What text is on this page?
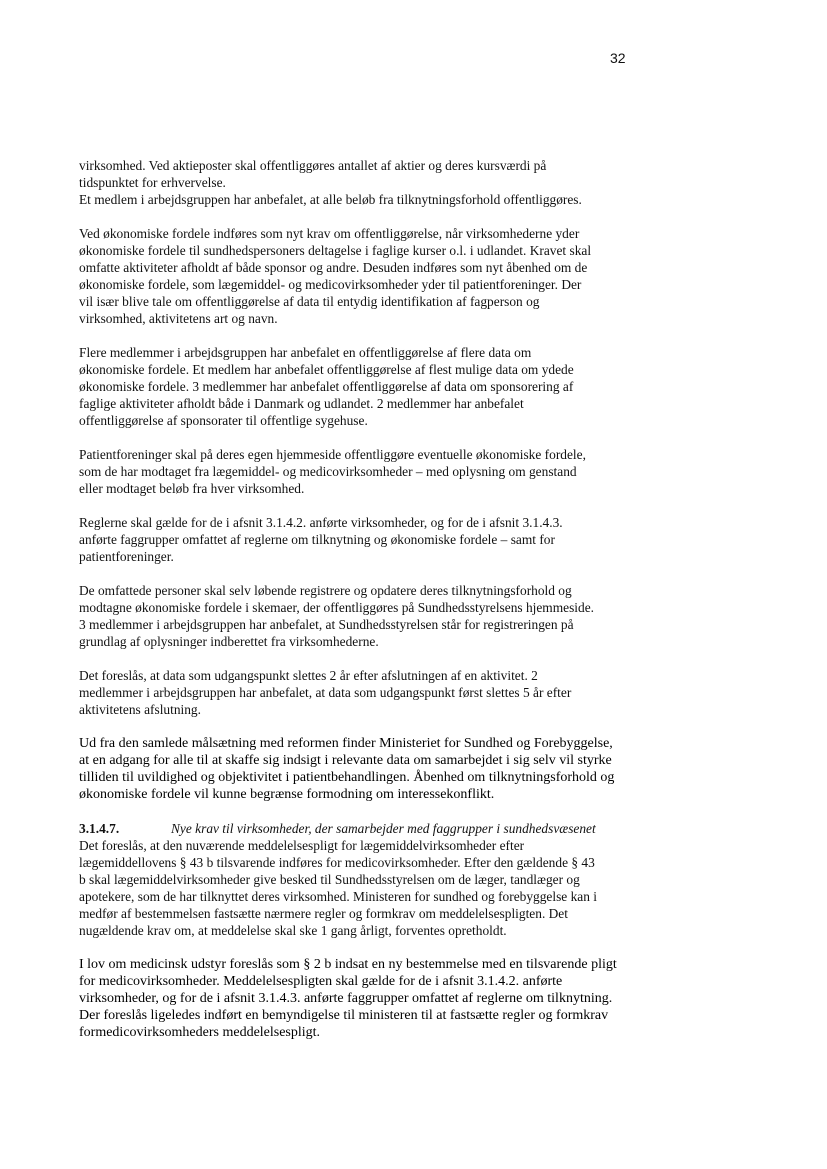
32
virksomhed. Ved aktieposter skal offentliggøres antallet af aktier og deres kursværdi på
tidspunktet for erhvervelse.
Et medlem i arbejdsgruppen har anbefalet, at alle beløb fra tilknytningsforhold offentliggøres.
Ved økonomiske fordele indføres som nyt krav om offentliggørelse, når virksomhederne yder
økonomiske fordele til sundhedspersoners deltagelse i faglige kurser o.l. i udlandet. Kravet skal
omfatte aktiviteter afholdt af både sponsor og andre. Desuden indføres som nyt åbenhed om de
økonomiske fordele, som lægemiddel- og medicovirksomheder yder til patientforeninger. Der
vil især blive tale om offentliggørelse af data til entydig identifikation af fagperson og
virksomhed, aktivitetens art og navn.
Flere medlemmer i arbejdsgruppen har anbefalet en offentliggørelse af flere data om
økonomiske fordele. Et medlem har anbefalet offentliggørelse af flest mulige data om ydede
økonomiske fordele. 3 medlemmer har anbefalet offentliggørelse af data om sponsorering af
faglige aktiviteter afholdt både i Danmark og udlandet. 2 medlemmer har anbefalet
offentliggørelse af sponsorater til offentlige sygehuse.
Patientforeninger skal på deres egen hjemmeside offentliggøre eventuelle økonomiske fordele,
som de har modtaget fra lægemiddel- og medicovirksomheder – med oplysning om genstand
eller modtaget beløb fra hver virksomhed.
Reglerne skal gælde for de i afsnit 3.1.4.2. anførte virksomheder, og for de i afsnit 3.1.4.3.
anførte faggrupper omfattet af reglerne om tilknytning og økonomiske fordele – samt for
patientforeninger.
De omfattede personer skal selv løbende registrere og opdatere deres tilknytningsforhold og
modtagne økonomiske fordele i skemaer, der offentliggøres på Sundhedsstyrelsens hjemmeside.
3 medlemmer i arbejdsgruppen har anbefalet, at Sundhedsstyrelsen står for registreringen på
grundlag af oplysninger indberettet fra virksomhederne.
Det foreslås, at data som udgangspunkt slettes 2 år efter afslutningen af en aktivitet. 2
medlemmer i arbejdsgruppen har anbefalet, at data som udgangspunkt først slettes 5 år efter
aktivitetens afslutning.
Ud fra den samlede målsætning med reformen finder Ministeriet for Sundhed og Forebyggelse,
at en adgang for alle til at skaffe sig indsigt i relevante data om samarbejdet i sig selv vil styrke
tilliden til uvildighed og objektivitet i patientbehandlingen. Åbenhed om tilknytningsforhold og
økonomiske fordele vil kunne begrænse formodning om interessekonflikt.
3.1.4.7.	Nye krav til virksomheder, der samarbejder med faggrupper i sundhedsvæsenet
Det foreslås, at den nuværende meddelelsespligt for lægemiddelvirksomheder efter
lægemiddellovens § 43 b tilsvarende indføres for medicovirksomheder. Efter den gældende § 43
b skal lægemiddelvirksomheder give besked til Sundhedsstyrelsen om de læger, tandlæger og
apotekere, som de har tilknyttet deres virksomhed. Ministeren for sundhed og forebyggelse kan i
medfør af bestemmelsen fastsætte nærmere regler og formkrav om meddelelsespligten. Det
nugældende krav om, at meddelelse skal ske 1 gang årligt, forventes opretholdt.
I lov om medicinsk udstyr foreslås som § 2 b indsat en ny bestemmelse med en tilsvarende pligt
for medicovirksomheder. Meddelelsespligten skal gælde for de i afsnit 3.1.4.2. anførte
virksomheder, og for de i afsnit 3.1.4.3. anførte faggrupper omfattet af reglerne om tilknytning.
Der foreslås ligeledes indført en bemyndigelse til ministeren til at fastsætte regler og formkrav
formedicovirksomheders meddelelsespligt.
